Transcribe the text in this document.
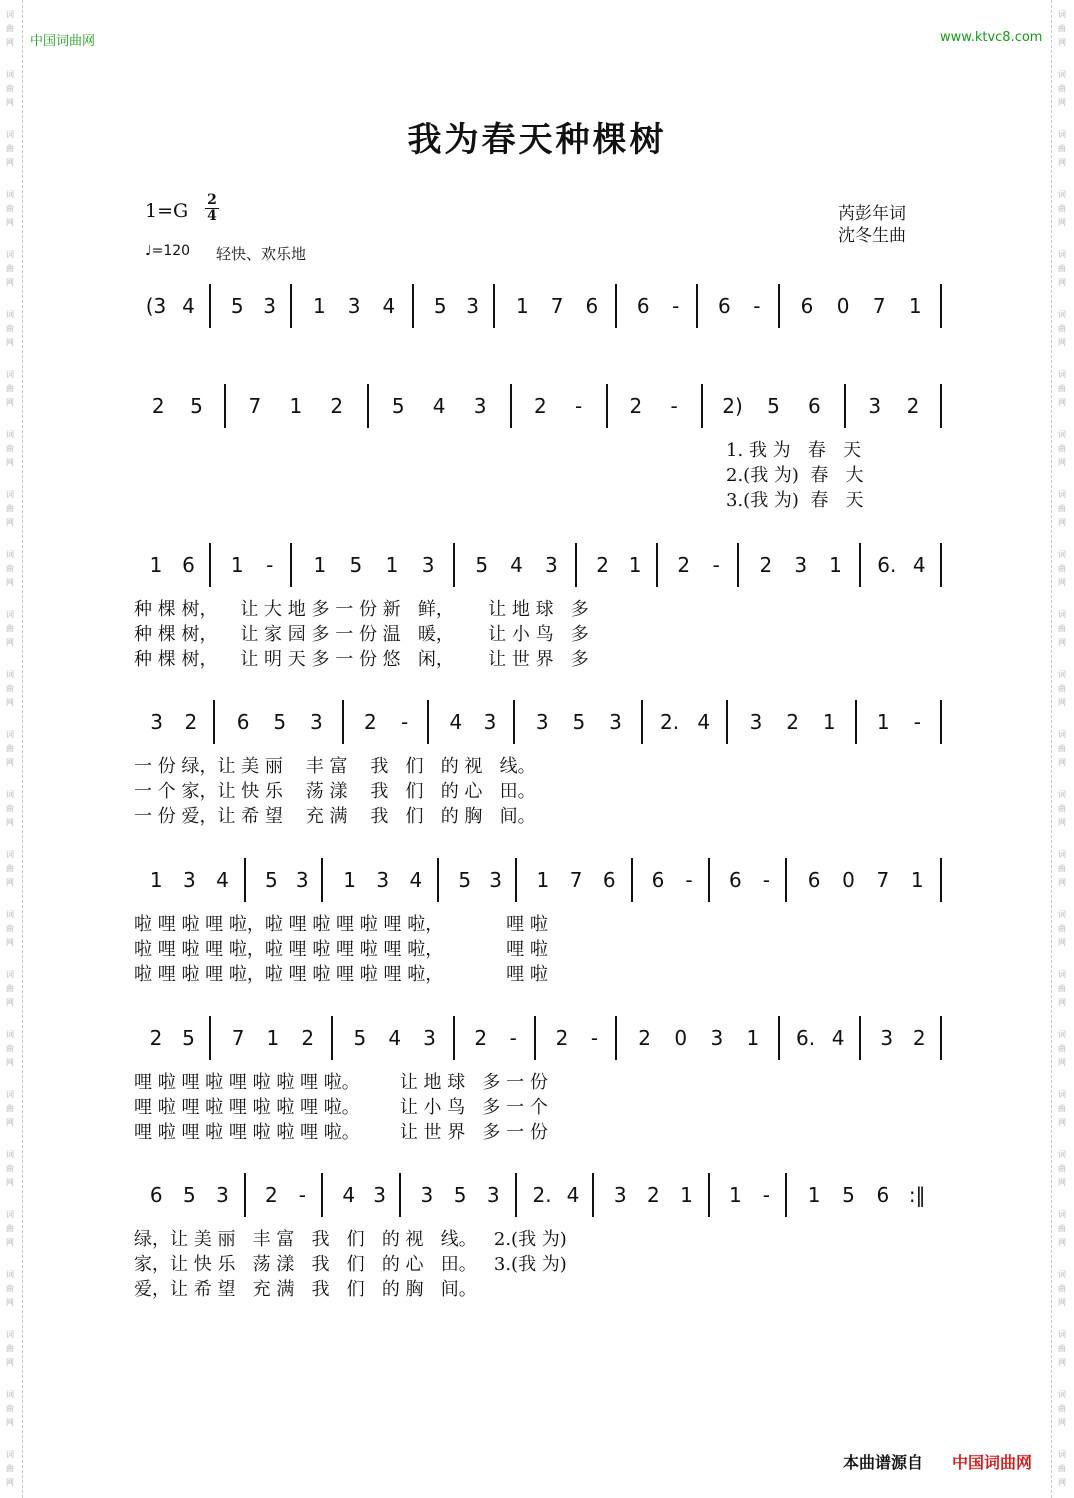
词
曲
网
词
曲
网
词
曲
网
词
曲
网
词
曲
网
词
曲
网
词
曲
网
词
曲
网
词
曲
网
词
曲
网
词
曲
网
词
曲
网
词
曲
网
词
曲
网
词
曲
网
词
曲
网
词
曲
网
词
曲
网
词
曲
网
词
曲
网
词
曲
网
词
曲
网
词
曲
网
词
曲
网
词
曲
网
词
曲
网
词
曲
网
词
曲
网
词
曲
网
词
曲
网
词
曲
网
词
曲
网
词
曲
网
词
曲
网
词
曲
网
词
曲
网
词
曲
网
词
曲
网
词
曲
网
词
曲
网
词
曲
网
词
曲
网
词
曲
网
词
曲
网
词
曲
网
词
曲
网
词
曲
网
词
曲
网
词
曲
网
词
曲
网
中国词曲网	www.ktvc8.com
我为春天种棵树
1=G 2
4
♩=120 轻快、欢乐地
芮彭年词
沈冬生曲
(3 4 5 3 1 3 4 5 3 1 7 6 6	-	6	-	6 0 7 1
2 5 7 1 2 5 4 3 2	-	2	-	2) 5 6 3 2
1. 我 为   春   天
2.(我 为)  春   大
3.(我 为)  春   天
1 6 1	-	1 5 1 3 5 4 3 2 1 2	-	2 3 1 6. 4
种 棵 树，    让 大 地 多 一 份 新   鲜，      让 地 球   多
种 棵 树，    让 家 园 多 一 份 温   暖，      让 小 鸟   多
种 棵 树，    让 明 天 多 一 份 悠   闲，      让 世 界   多
3 2 6 5 3 2	-	4 3 3 5 3 2. 4 3 2 1 1	-
一 份 绿，让 美 丽    丰 富    我   们   的 视   线。
一 个 家，让 快 乐    荡 漾    我   们   的 心   田。
一 份 爱，让 希 望    充 满    我   们   的 胸   间。
1 3 4 5 3 1 3 4 5 3 1 7 6 6	-	6	-	6 0 7 1
啦 哩 啦 哩 啦，啦 哩 啦 哩 啦 哩 啦，           哩 啦
啦 哩 啦 哩 啦，啦 哩 啦 哩 啦 哩 啦，           哩 啦
啦 哩 啦 哩 啦，啦 哩 啦 哩 啦 哩 啦，           哩 啦
2 5 7 1 2 5 4 3 2	-	2	-	2 0 3 1 6. 4 3 2
哩 啦 哩 啦 哩 啦 啦 哩 啦。       让 地 球   多 一 份
哩 啦 哩 啦 哩 啦 啦 哩 啦。       让 小 鸟   多 一 个
哩 啦 哩 啦 哩 啦 啦 哩 啦。       让 世 界   多 一 份
6 5 3 2	-	4 3 3 5 3 2. 4 3 2 1 1	-	1 5 6 :‖
绿，让 美 丽   丰 富   我   们   的 视   线。   2.(我 为)
家，让 快 乐   荡 漾   我   们   的 心   田。   3.(我 为)
爱，让 希 望   充 满   我   们   的 胸   间。
本曲谱源自 中国词曲网
